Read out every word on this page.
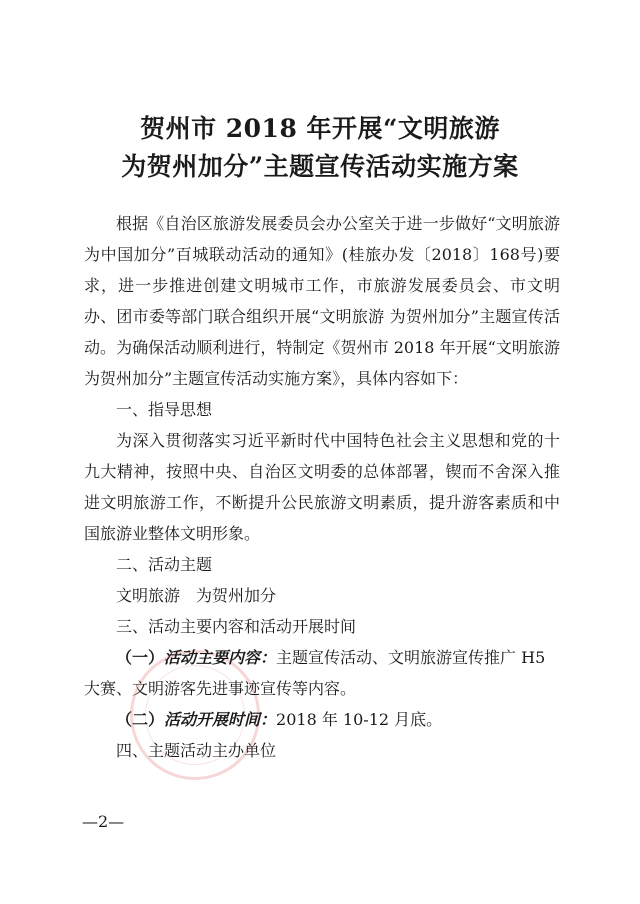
贺州市 2018 年开展“文明旅游
为贺州加分”主题宣传活动实施方案

根据《自治区旅游发展委员会办公室关于进一步做好“文明旅游 为中国加分”百城联动活动的通知》(桂旅办发〔2018〕168号)要求，进一步推进创建文明城市工作，市旅游发展委员会、市文明办、团市委等部门联合组织开展“文明旅游 为贺州加分”主题宣传活动。为确保活动顺利进行，特制定《贺州市 2018 年开展“文明旅游 为贺州加分”主题宣传活动实施方案》，具体内容如下：

一、指导思想

为深入贯彻落实习近平新时代中国特色社会主义思想和党的十九大精神，按照中央、自治区文明委的总体部署，锲而不舍深入推进文明旅游工作，不断提升公民旅游文明素质，提升游客素质和中国旅游业整体文明形象。

二、活动主题

文明旅游　为贺州加分

三、活动主要内容和活动开展时间

（一）活动主要内容：主题宣传活动、文明旅游宣传推广 H5 大赛、文明游客先进事迹宣传等内容。

（二）活动开展时间：2018 年 10-12 月底。

四、主题活动主办单位

—2—
